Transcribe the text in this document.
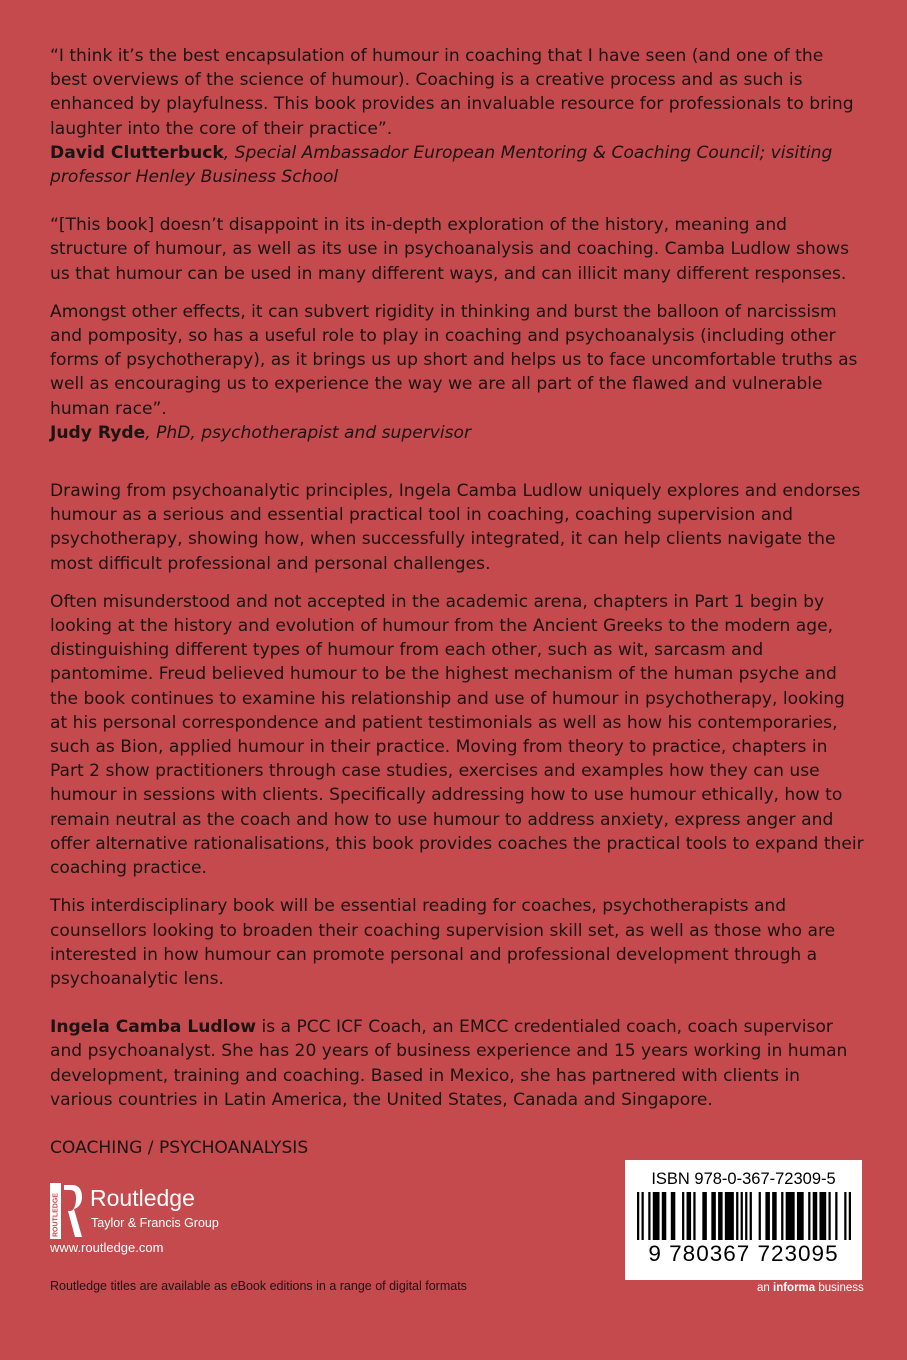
“I think it’s the best encapsulation of humour in coaching that I have seen (and one of the best overviews of the science of humour). Coaching is a creative process and as such is enhanced by playfulness. This book provides an invaluable resource for professionals to bring laughter into the core of their practice”.

David Clutterbuck, Special Ambassador European Mentoring & Coaching Council; visiting professor Henley Business School

“[This book] doesn’t disappoint in its in-depth exploration of the history, meaning and structure of humour, as well as its use in psychoanalysis and coaching. Camba Ludlow shows us that humour can be used in many different ways, and can illicit many different responses.

Amongst other effects, it can subvert rigidity in thinking and burst the balloon of narcissism and pomposity, so has a useful role to play in coaching and psychoanalysis (including other forms of psychotherapy), as it brings us up short and helps us to face uncomfortable truths as well as encouraging us to experience the way we are all part of the flawed and vulnerable human race”.

Judy Ryde, PhD, psychotherapist and supervisor

Drawing from psychoanalytic principles, Ingela Camba Ludlow uniquely explores and endorses humour as a serious and essential practical tool in coaching, coaching supervision and psychotherapy, showing how, when successfully integrated, it can help clients navigate the most difficult professional and personal challenges.

Often misunderstood and not accepted in the academic arena, chapters in Part 1 begin by looking at the history and evolution of humour from the Ancient Greeks to the modern age, distinguishing different types of humour from each other, such as wit, sarcasm and pantomime. Freud believed humour to be the highest mechanism of the human psyche and the book continues to examine his relationship and use of humour in psychotherapy, looking at his personal correspondence and patient testimonials as well as how his contemporaries, such as Bion, applied humour in their practice. Moving from theory to practice, chapters in Part 2 show practitioners through case studies, exercises and examples how they can use humour in sessions with clients. Specifically addressing how to use humour ethically, how to remain neutral as the coach and how to use humour to address anxiety, express anger and offer alternative rationalisations, this book provides coaches the practical tools to expand their coaching practice.

This interdisciplinary book will be essential reading for coaches, psychotherapists and counsellors looking to broaden their coaching supervision skill set, as well as those who are interested in how humour can promote personal and professional development through a psychoanalytic lens.

Ingela Camba Ludlow is a PCC ICF Coach, an EMCC credentialed coach, coach supervisor and psychoanalyst. She has 20 years of business experience and 15 years working in human development, training and coaching. Based in Mexico, she has partnered with clients in various countries in Latin America, the United States, Canada and Singapore.

COACHING / PSYCHOANALYSIS

ROUTLEDGE Routledge
Taylor & Francis Group
www.routledge.com
Routledge titles are available as eBook editions in a range of digital formats
ISBN 978-0-367-72309-5
9 780367 723095
an informa business
